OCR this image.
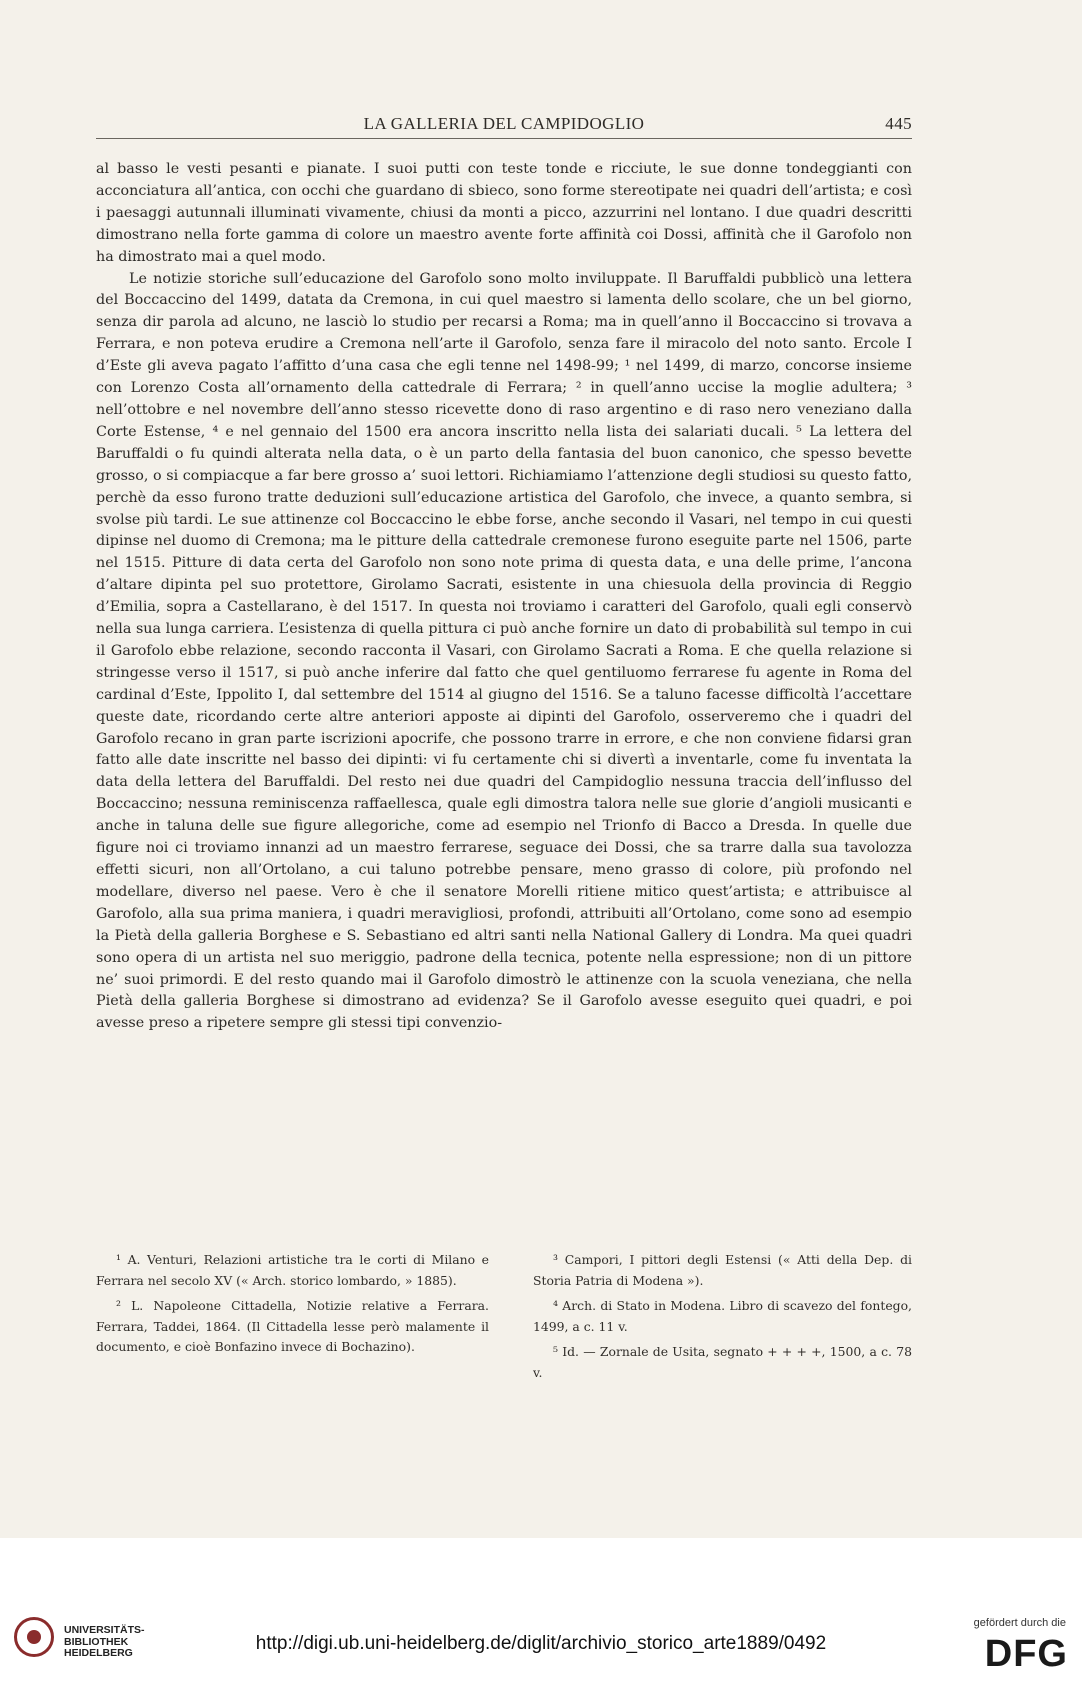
LA GALLERIA DEL CAMPIDOGLIO	445

al basso le vesti pesanti e pianate. I suoi putti con teste tonde e ricciute, le sue donne tondeggianti con acconciatura all’antica, con occhi che guardano di sbieco, sono forme stereotipate nei quadri dell’artista; e così i paesaggi autunnali illuminati vivamente, chiusi da monti a picco, azzurrini nel lontano. I due quadri descritti dimostrano nella forte gamma di colore un maestro avente forte affinità coi Dossi, affinità che il Garofolo non ha dimostrato mai a quel modo.

Le notizie storiche sull’educazione del Garofolo sono molto inviluppate. Il Baruffaldi pubblicò una lettera del Boccaccino del 1499, datata da Cremona, in cui quel maestro si lamenta dello scolare, che un bel giorno, senza dir parola ad alcuno, ne lasciò lo studio per recarsi a Roma; ma in quell’anno il Boccaccino si trovava a Ferrara, e non poteva erudire a Cremona nell’arte il Garofolo, senza fare il miracolo del noto santo. Ercole I d’Este gli aveva pagato l’affitto d’una casa che egli tenne nel 1498-99; ¹ nel 1499, di marzo, concorse insieme con Lorenzo Costa all’ornamento della cattedrale di Ferrara; ² in quell’anno uccise la moglie adultera; ³ nell’ottobre e nel novembre dell’anno stesso ricevette dono di raso argentino e di raso nero veneziano dalla Corte Estense, ⁴ e nel gennaio del 1500 era ancora inscritto nella lista dei salariati ducali. ⁵ La lettera del Baruffaldi o fu quindi alterata nella data, o è un parto della fantasia del buon canonico, che spesso bevette grosso, o si compiacque a far bere grosso a’ suoi lettori. Richiamiamo l’attenzione degli studiosi su questo fatto, perchè da esso furono tratte deduzioni sull’educazione artistica del Garofolo, che invece, a quanto sembra, si svolse più tardi. Le sue attinenze col Boccaccino le ebbe forse, anche secondo il Vasari, nel tempo in cui questi dipinse nel duomo di Cremona; ma le pitture della cattedrale cremonese furono eseguite parte nel 1506, parte nel 1515. Pitture di data certa del Garofolo non sono note prima di questa data, e una delle prime, l’ancona d’altare dipinta pel suo protettore, Girolamo Sacrati, esistente in una chiesuola della provincia di Reggio d’Emilia, sopra a Castellarano, è del 1517. In questa noi troviamo i caratteri del Garofolo, quali egli conservò nella sua lunga carriera. L’esistenza di quella pittura ci può anche fornire un dato di probabilità sul tempo in cui il Garofolo ebbe relazione, secondo racconta il Vasari, con Girolamo Sacrati a Roma. E che quella relazione si stringesse verso il 1517, si può anche inferire dal fatto che quel gentiluomo ferrarese fu agente in Roma del cardinal d’Este, Ippolito I, dal settembre del 1514 al giugno del 1516. Se a taluno facesse difficoltà l’accettare queste date, ricordando certe altre anteriori apposte ai dipinti del Garofolo, osserveremo che i quadri del Garofolo recano in gran parte iscrizioni apocrife, che possono trarre in errore, e che non conviene fidarsi gran fatto alle date inscritte nel basso dei dipinti: vi fu certamente chi si divertì a inventarle, come fu inventata la data della lettera del Baruffaldi. Del resto nei due quadri del Campidoglio nessuna traccia dell’influsso del Boccaccino; nessuna reminiscenza raffaellesca, quale egli dimostra talora nelle sue glorie d’angioli musicanti e anche in taluna delle sue figure allegoriche, come ad esempio nel Trionfo di Bacco a Dresda. In quelle due figure noi ci troviamo innanzi ad un maestro ferrarese, seguace dei Dossi, che sa trarre dalla sua tavolozza effetti sicuri, non all’Ortolano, a cui taluno potrebbe pensare, meno grasso di colore, più profondo nel modellare, diverso nel paese. Vero è che il senatore Morelli ritiene mitico quest’artista; e attribuisce al Garofolo, alla sua prima maniera, i quadri meravigliosi, profondi, attribuiti all’Ortolano, come sono ad esempio la Pietà della galleria Borghese e S. Sebastiano ed altri santi nella National Gallery di Londra. Ma quei quadri sono opera di un artista nel suo meriggio, padrone della tecnica, potente nella espressione; non di un pittore ne’ suoi primordi. E del resto quando mai il Garofolo dimostrò le attinenze con la scuola veneziana, che nella Pietà della galleria Borghese si dimostrano ad evidenza? Se il Garofolo avesse eseguito quei quadri, e poi avesse preso a ripetere sempre gli stessi tipi convenzio-

¹ A. Venturi, Relazioni artistiche tra le corti di Milano e Ferrara nel secolo XV (« Arch. storico lombardo, » 1885).

² L. Napoleone Cittadella, Notizie relative a Ferrara. Ferrara, Taddei, 1864. (Il Cittadella lesse però malamente il documento, e cioè Bonfazino invece di Bochazino).

³ Campori, I pittori degli Estensi (« Atti della Dep. di Storia Patria di Modena »).

⁴ Arch. di Stato in Modena. Libro di scavezo del fontego, 1499, a c. 11 v.

⁵ Id. — Zornale de Usita, segnato + + + +, 1500, a c. 78 v.

UNIVERSITÄTS-
BIBLIOTHEK
HEIDELBERG	http://digi.ub.uni-heidelberg.de/diglit/archivio_storico_arte1889/0492
gefördert durch die
DFG
